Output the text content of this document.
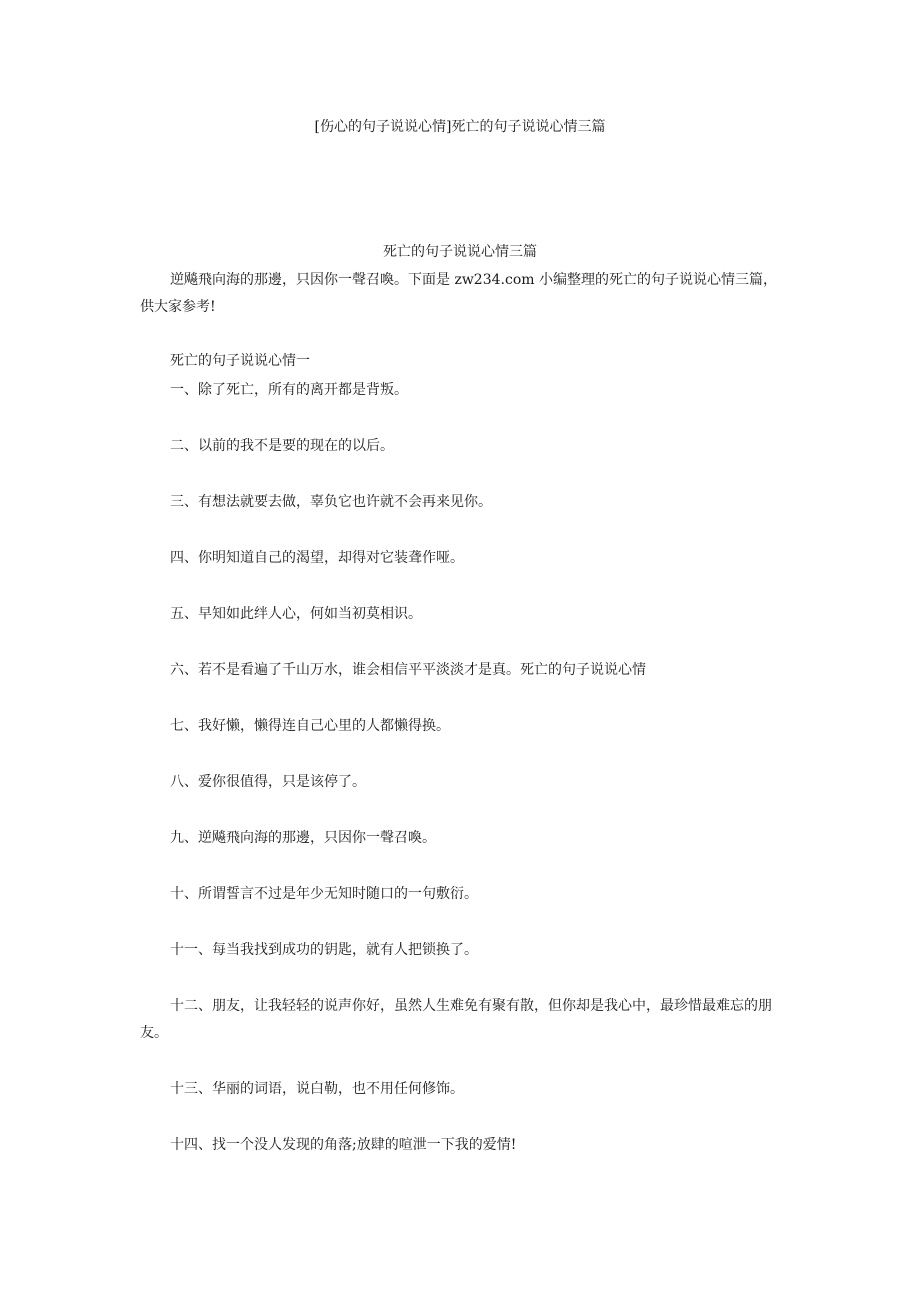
[伤心的句子说说心情]死亡的句子说说心情三篇
死亡的句子说说心情三篇

逆飚飛向海的那邊，只因你一聲召喚。下面是 zw234.com 小编整理的死亡的句子说说心情三篇，供大家参考!

死亡的句子说说心情一
一、除了死亡，所有的离开都是背叛。
二、以前的我不是要的现在的以后。
三、有想法就要去做，辜负它也许就不会再来见你。
四、你明知道自己的渴望，却得对它装聋作哑。
五、早知如此绊人心，何如当初莫相识。
六、若不是看遍了千山万水，谁会相信平平淡淡才是真。死亡的句子说说心情
七、我好懒，懒得连自己心里的人都懒得换。
八、爱你很值得，只是该停了。
九、逆飚飛向海的那邊，只因你一聲召喚。
十、所谓誓言不过是年少无知时随口的一句敷衍。
十一、每当我找到成功的钥匙，就有人把锁换了。
十二、朋友，让我轻轻的说声你好，虽然人生难免有聚有散，但你却是我心中，最珍惜最难忘的朋友。
十三、华丽的词语，说白勒，也不用任何修饰。
十四、找一个没人发现的角落;放肆的喧泄一下我的爱情!
